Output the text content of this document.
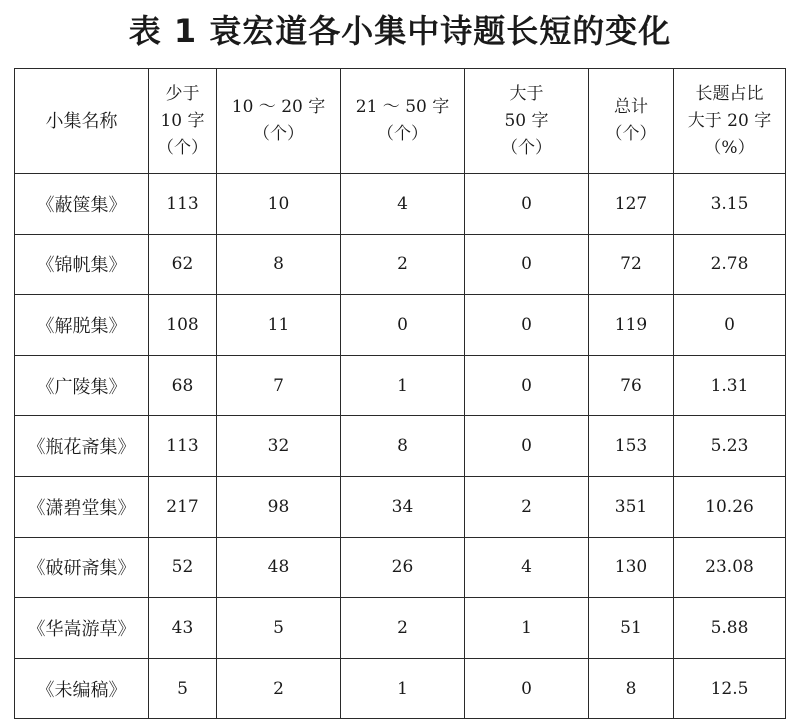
表 1 袁宏道各小集中诗题长短的变化
小集名称	少于
10 字
（个）	10 ～ 20 字
（个）	21 ～ 50 字
（个）	大于
50 字
（个）	总计
（个）	长题占比
大于 20 字
（%）

《蔽箧集》	113	10	4	0	127	3.15
《锦帆集》	62	8	2	0	72	2.78
《解脱集》	108	11	0	0	119	0
《广陵集》	68	7	1	0	76	1.31
《瓶花斋集》	113	32	8	0	153	5.23
《潇碧堂集》	217	98	34	2	351	10.26
《破研斋集》	52	48	26	4	130	23.08
《华嵩游草》	43	5	2	1	51	5.88
《未编稿》	5	2	1	0	8	12.5
